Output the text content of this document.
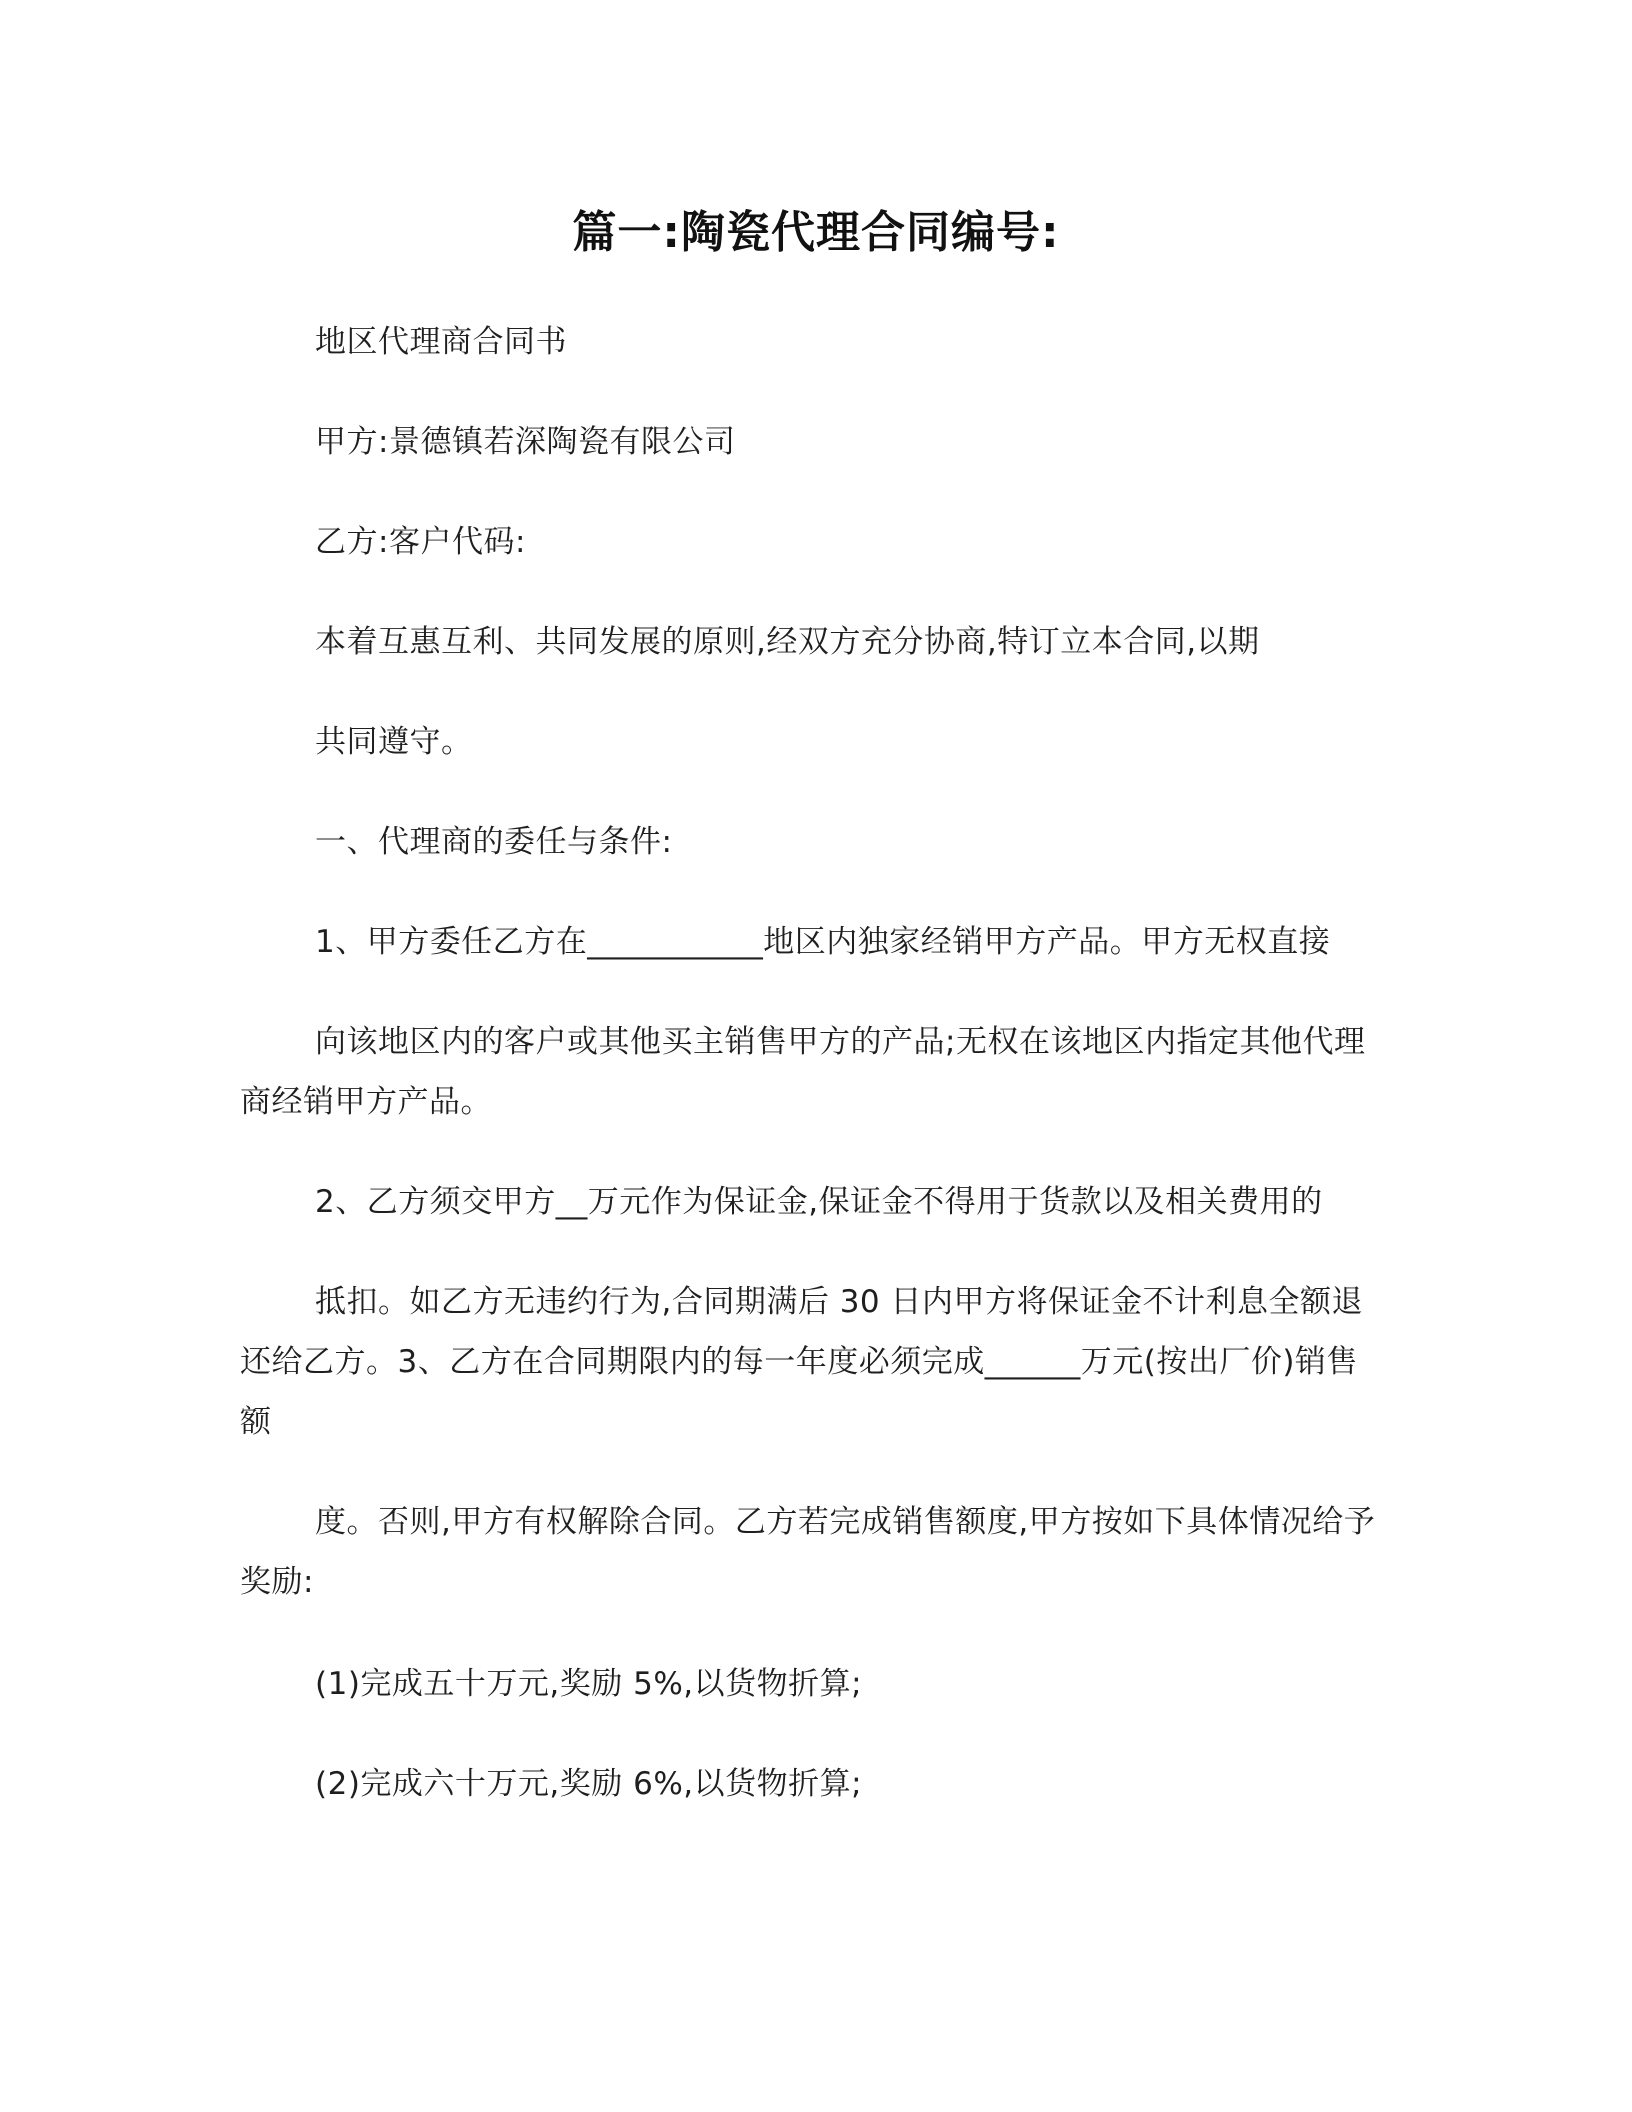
篇一:陶瓷代理合同编号:
地区代理商合同书
甲方:景德镇若深陶瓷有限公司
乙方:客户代码:
本着互惠互利、共同发展的原则,经双方充分协商,特订立本合同,以期
共同遵守。
一、代理商的委任与条件:
1、甲方委任乙方在___________地区内独家经销甲方产品。甲方无权直接
向该地区内的客户或其他买主销售甲方的产品;无权在该地区内指定其他代理
商经销甲方产品。
2、乙方须交甲方__万元作为保证金,保证金不得用于货款以及相关费用的
抵扣。如乙方无违约行为,合同期满后 30 日内甲方将保证金不计利息全额退
还给乙方。3、乙方在合同期限内的每一年度必须完成______万元(按出厂价)销售
额
度。否则,甲方有权解除合同。乙方若完成销售额度,甲方按如下具体情况给予
奖励:
(1)完成五十万元,奖励 5%,以货物折算;
(2)完成六十万元,奖励 6%,以货物折算;
